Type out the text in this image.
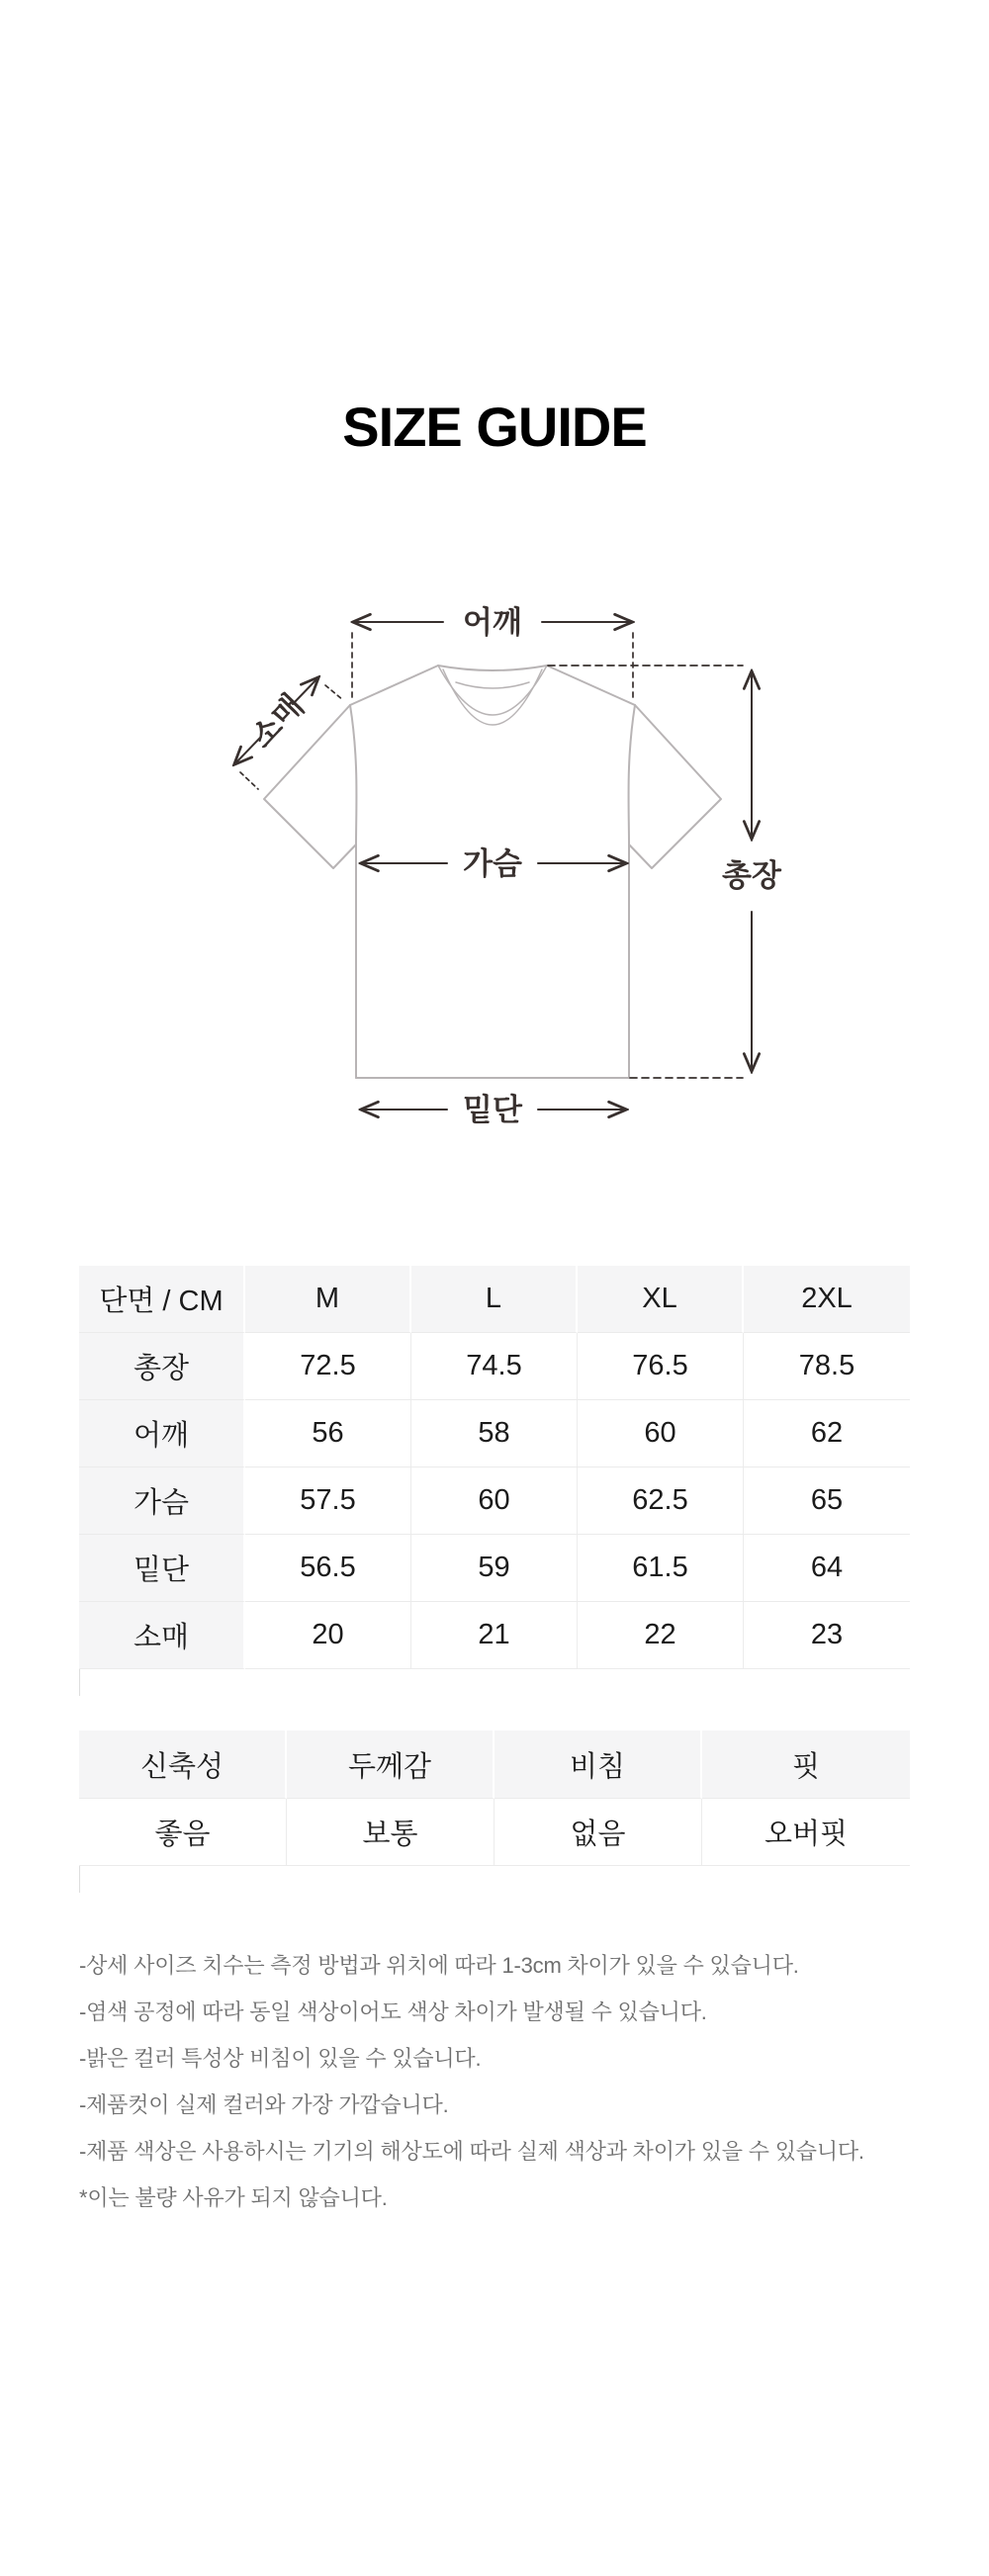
SIZE GUIDE
어깨
소매
가슴
밑단
총장
단면 / CM	M	L	XL	2XL
총장	72.5	74.5	76.5	78.5
어깨	56	58	60	62
가슴	57.5	60	62.5	65
밑단	56.5	59	61.5	64
소매	20	21	22	23
신축성	두께감	비침	핏
좋음	보통	없음	오버핏

-상세 사이즈 치수는 측정 방법과 위치에 따라 1-3cm 차이가 있을 수 있습니다.

-염색 공정에 따라 동일 색상이어도 색상 차이가 발생될 수 있습니다.

-밝은 컬러 특성상 비침이 있을 수 있습니다.

-제품컷이 실제 컬러와 가장 가깝습니다.

-제품 색상은 사용하시는 기기의 해상도에 따라 실제 색상과 차이가 있을 수 있습니다.

*이는 불량 사유가 되지 않습니다.
